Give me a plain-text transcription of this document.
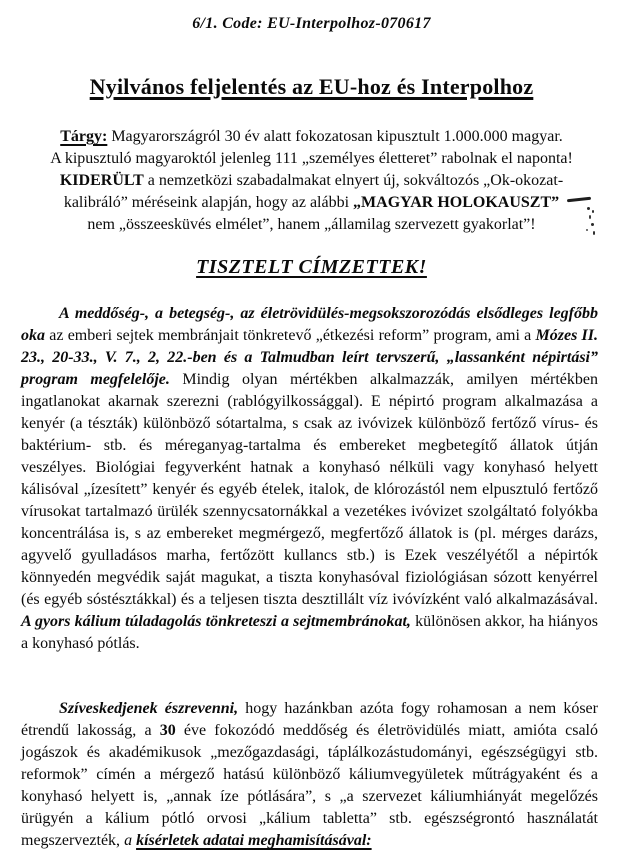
6/1. Code: EU-Interpolhoz-070617
Nyilvános feljelentés az EU-hoz és Interpolhoz
Tárgy: Magyarországról 30 év alatt fokozatosan kipusztult 1.000.000 magyar.
A kipusztuló magyaroktól jelenleg 111 „személyes életteret” rabolnak el naponta!
KIDERÜLT a nemzetközi szabadalmakat elnyert új, sokváltozós „Ok-okozat-
kalibráló” méréseink alapján, hogy az alábbi „MAGYAR HOLOKAUSZT”
nem „összeesküvés elmélet”, hanem „államilag szervezett gyakorlat”!
TISZTELT CÍMZETTEK!
A meddőség-, a betegség-, az életrövidülés-megsokszorozódás elsődleges legfőbb oka az emberi sejtek membránjait tönkretevő „étkezési reform” program, ami a Mózes II. 23., 20-33., V. 7., 2, 22.-ben és a Talmudban leírt tervszerű, „lassanként népirtási” program megfelelője. Mindig olyan mértékben alkalmazzák, amilyen mértékben ingatlanokat akarnak szerezni (rablógyilkossággal). E népirtó program alkalmazása a kenyér (a tészták) különböző sótartalma, s csak az ivóvizek különböző fertőző vírus- és baktérium- stb. és méreganyag-tartalma és embereket megbetegítő állatok útján veszélyes. Biológiai fegyverként hatnak a konyhasó nélküli vagy konyhasó helyett kálisóval „ízesített” kenyér és egyéb ételek, italok, de klórozástól nem elpusztuló fertőző vírusokat tartalmazó ürülék szennycsatornákkal a vezetékes ivóvizet szolgáltató folyókba koncentrálása is, s az embereket megmérgező, megfertőző állatok is (pl. mérges darázs, agyvelő gyulladásos marha, fertőzött kullancs stb.) is Ezek veszélyétől a népirtók könnyedén megvédik saját magukat, a tiszta konyhasóval fiziológiásan sózott kenyérrel (és egyéb sóstésztákkal) és a teljesen tiszta desztillált víz ivóvízként való alkalmazásával. A gyors kálium túladagolás tönkreteszi a sejtmembránokat, különösen akkor, ha hiányos a konyhasó pótlás.
Szíveskedjenek észrevenni, hogy hazánkban azóta fogy rohamosan a nem kóser étrendű lakosság, a 30 éve fokozódó meddőség és életrövidülés miatt, amióta csaló jogászok és akadémikusok „mezőgazdasági, táplálkozástudományi, egészségügyi stb. reformok” címén a mérgező hatású különböző káliumvegyületek műtrágyaként és a konyhasó helyett is, „annak íze pótlására”, s „a szervezet káliumhiányát megelőzés ürügyén a kálium pótló orvosi „kálium tabletta” stb. egészségrontó használatát megszervezték, a kísérletek adatai meghamisításával:
